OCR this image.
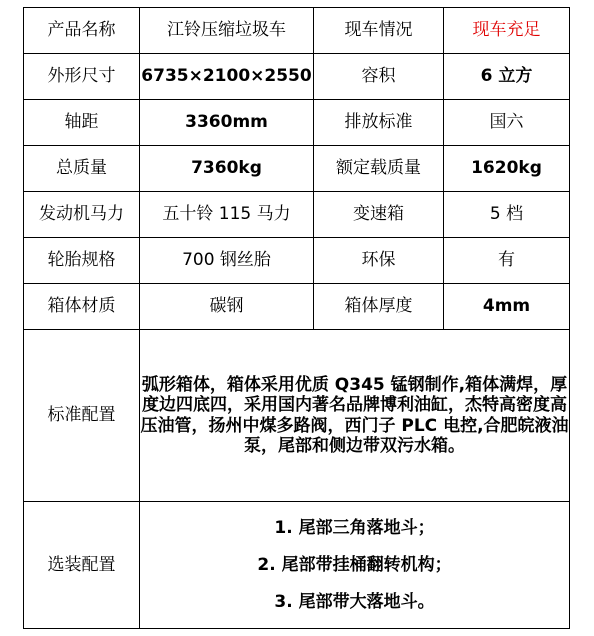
产品名称	江铃压缩垃圾车	现车情况	现车充足
外形尺寸	6735×2100×2550	容积	6 立方
轴距	3360mm	排放标准	国六
总质量	7360kg	额定载质量	1620kg
发动机马力	五十铃 115 马力	变速箱	5 档
轮胎规格	700 钢丝胎	环保	有
箱体材质	碳钢	箱体厚度	4mm
标准配置	弧形箱体，箱体采用优质 Q345 锰钢制作,箱体满焊，厚度边四底四，采用国内著名品牌博利油缸，杰特高密度高压油管，扬州中煤多路阀，西门子 PLC 电控,合肥皖液油泵，尾部和侧边带双污水箱。		
选装配置	1. 尾部三角落地斗；
2. 尾部带挂桶翻转机构；
3. 尾部带大落地斗。		
